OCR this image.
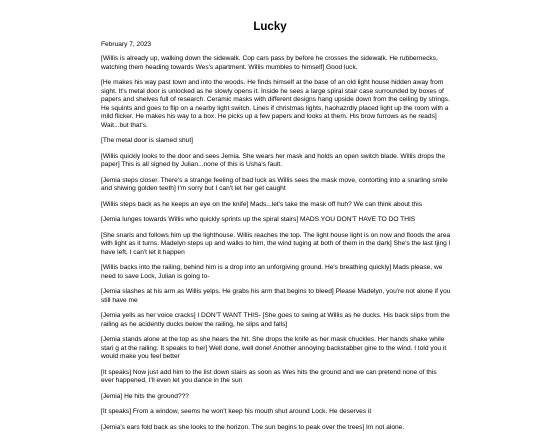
Lucky

February 7, 2023

[Willis is already up, walking down the sidewalk. Cop cars pass by before he crosses the sidewalk. He rubbernecks, watching them heading towards Wes's apartment. Willis mumbles to himself] Good luck.

[He makes his way past town and into the woods. He finds himself at the base of an old light house hidden away from sight. It's metal door is unlocked as he slowly opens it. Inside he sees a large spiral stair case surrounded by boxes of papers and shelves full of research. Ceramic masks with different designs hang upside down from the ceiling by strings. He squints and goes to flip on a nearby light switch. Lines if christmas lights, haohazrdly placed light up the room with a mild flicker. He makes his way to a box. He picks up a few papers and looks at them. His brow furrows as he reads] Wait...but that's.

[The metal door is slamed shut]

[Willis quickly looks to the door and sees Jemia. She wears her mask and holds an open switch blade. Willis drops the paper] This is all signed by Julian...none of this is Usha's fault.

[Jemia steps closer. There's a strange feeling of bad luck as Willis sees the mask move, contorting into a snarling smile and shiwing golden teeth] I'm sorry but I can't let her get caught

[Willis steps back as he keeps an eye on the knife] Mads...let's take the mask off huh? We can think about this

[Jemia lunges towards Willis who quickly sprints up the spiral stairs] MADS YOU DON'T HAVE TO DO THIS

[She snarls and follows him up the lighthouse. Willis reaches the top. The light house light is on now and floods the area with light as it turns. Madelyn steps up and walks to him, the wind tuging at both of them in the dark] She's the last tjing I have left, I can't let it happen

[Willis backs into the railing, behind him is a drop into an unforgiving ground. He's breathing quickly] Mads please, we need to save Lock, Julian is going to-

[Jemia slashes at his arm as Willis yelps. He grabs his arm that begins to bleed] Please Madelyn, you're not alone if you still have me

[Jemia yells as her voice cracks] I DON'T WANT THIS- [She goes to swing at Willis as he ducks. His back slips from the railing as he acidently ducks below the railing, he slips and falls]

[Jemia stands alone at the top as she hears the hit. She drops the knife as her mask chuckles. Her hands shake while stari g at the railing. It speaks to her] Well done, well done! Another annoying backstabber gine to the wind. I told you it would make you feel better

[It speaks] Now just add him to the list down stairs as soon as Wes hits the ground and we can pretend none of this ever happened, I'll even let you dance in the sun

[Jemia] He hits the ground???

[It speaks] From a window, seems he won't keep his mouth shut around Lock. He deserves it

[Jemia's ears fold back as she looks to the horizon. The sun begins to peak over the trees] Im not alone.
